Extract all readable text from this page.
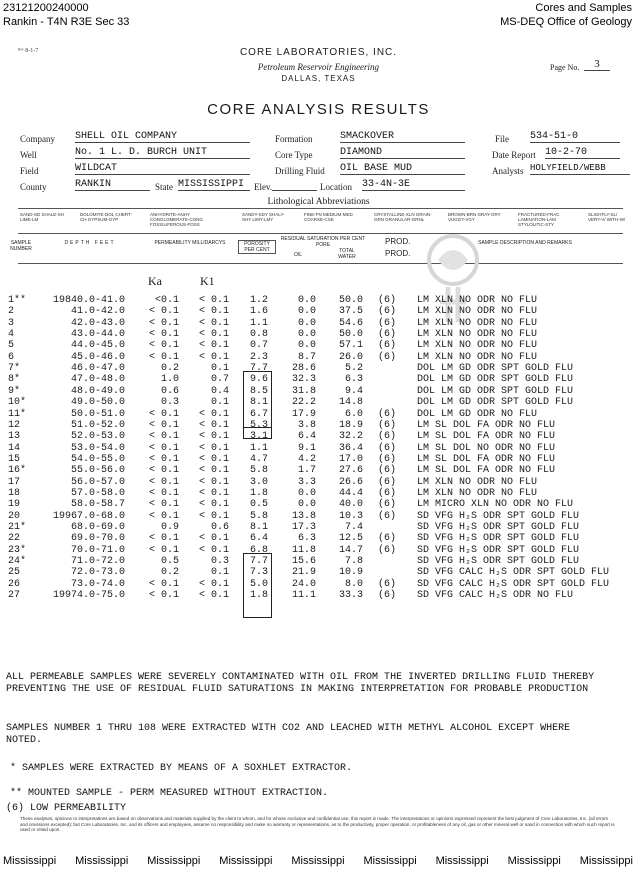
23121200240000
Rankin - T4N R3E Sec 33
Cores and Samples
MS-DEQ Office of Geology
ᴿᵉᵛ 8-1-7	CORE LABORATORIES, INC.
Petroleum Reservoir Engineering
DALLAS, TEXAS
Page No.	3
CORE ANALYSIS RESULTS
Company SHELL OIL COMPANY
Well	No. 1 L. D. BURCH UNIT
Field	WILDCAT
County	RANKIN	State MISSISSIPPI	Elev.
Formation	SMACKOVER
Core Type	DIAMOND
Drilling Fluid OIL BASE MUD
Location 33-4N-3E
File 534-51-0
Date Report 10-2-70
Analysts HOLYFIELD/WEBB
Lithological Abbreviations
SAND-SD SHALE-SH LIME-LM
DOLOMITE-DOL CHERT-CH GYPSUM-GYP
ANHYDRITE-ANHY CONGLOMERATE-CONG FOSSILIFEROUS-FOSS
SANDY-SDY SHALY-SHY LIMY-LMY
FINE-FN MEDIUM-MED COARSE-CSE
CRYSTALLINE-XLN GRAIN-GRN GRANULAR-GRNL
BROWN-BRN GRAY-GRY VUGGY-VGY
FRACTURED-FRAC LAMINATION-LAM STYLOLITIC-STY
SLIGHTLY-SL/ VERY-V/ WITH-W/
SAMPLE NUMBER
DEPTH FEET	PERMEABILITY MILLIDARCYS	POROSITY PER CENT
RESIDUAL SATURATION PER CENT PORE
OIL
TOTAL WATER
PROD.
PROD.
SAMPLE DESCRIPTION AND REMARKS
Ka	K1
1**	19840.0-41.0	<0.1	< 0.1	1.2	0.0	50.0 (6)	LM XLN NO ODR NO FLU
2	41.0-42.0	< 0.1	< 0.1	1.6	0.0	37.5 (6)	LM XLN NO ODR NO FLU
3	42.0-43.0	< 0.1	< 0.1	1.1	0.0	54.6 (6)	LM XLN NO ODR NO FLU
4	43.0-44.0	< 0.1	< 0.1	0.8	0.0	50.0 (6)	LM XLN NO ODR NO FLU
5	44.0-45.0	< 0.1	< 0.1	0.7	0.0	57.1 (6)	LM XLN NO ODR NO FLU
6	45.0-46.0	< 0.1	< 0.1	2.3	8.7	26.0 (6)	LM XLN NO ODR NO FLU
7*	46.0-47.0	0.2	0.1	7.7	28.6	5.2	DOL LM GD ODR SPT GOLD FLU
8*	47.0-48.0	1.0	0.7	9.6	32.3	6.3	DOL LM GD ODR SPT GOLD FLU
9*	48.0-49.0	0.6	0.4	8.5	31.8	9.4	DOL LM GD ODR SPT GOLD FLU
10*	49.0-50.0	0.3	0.1	8.1	22.2	14.8	DOL LM GD ODR SPT GOLD FLU
11*	50.0-51.0	< 0.1	< 0.1	6.7	17.9	6.0 (6)	DOL LM GD ODR NO FLU
12	51.0-52.0	< 0.1	< 0.1	5.3	3.8	18.9 (6)	LM SL DOL FA ODR NO FLU
13	52.0-53.0	< 0.1	< 0.1	3.1	6.4	32.2 (6)	LM SL DOL FA ODR NO FLU
14	53.0-54.0	< 0.1	< 0.1	1.1	9.1	36.4 (6)	LM SL DOL NO ODR NO FLU
15	54.0-55.0	< 0.1	< 0.1	4.7	4.2	17.0 (6)	LM SL DOL FA ODR NO FLU
16*	55.0-56.0	< 0.1	< 0.1	5.8	1.7	27.6 (6)	LM SL DOL FA ODR NO FLU
17	56.0-57.0	< 0.1	< 0.1	3.0	3.3	26.6 (6)	LM XLN NO ODR NO FLU
18	57.0-58.0	< 0.1	< 0.1	1.8	0.0	44.4 (6)	LM XLN NO ODR NO FLU
19	58.0-58.7	< 0.1	< 0.1	0.5	0.0	40.0 (6)	LM MICRO XLN NO ODR NO FLU
20	19967.0-68.0	< 0.1	< 0.1	5.8	13.8	10.3 (6)	SD VFG H₂S ODR SPT GOLD FLU
21*	68.0-69.0	0.9	0.6	8.1	17.3	7.4	SD VFG H₂S ODR SPT GOLD FLU
22	69.0-70.0	< 0.1	< 0.1	6.4	6.3	12.5 (6)	SD VFG H₂S ODR SPT GOLD FLU
23*	70.0-71.0	< 0.1	< 0.1	6.8	11.8	14.7 (6)	SD VFG H₂S ODR SPT GOLD FLU
24*	71.0-72.0	0.5	0.3	7.7	15.6	7.8	SD VFG H₂S ODR SPT GOLD FLU
25	72.0-73.0	0.2	0.1	7.3	21.9	10.9	SD VFG CALC H₂S ODR SPT GOLD FLU
26	73.0-74.0	< 0.1	< 0.1	5.0	24.0	8.0 (6)	SD VFG CALC H₂S ODR SPT GOLD FLU
27	19974.0-75.0	< 0.1	< 0.1	1.8	11.1	33.3 (6)	SD VFG CALC H₂S ODR NO FLU
ALL PERMEABLE SAMPLES WERE SEVERELY CONTAMINATED WITH OIL FROM THE INVERTED DRILLING FLUID THEREBY PREVENTING THE USE OF RESIDUAL FLUID SATURATIONS IN MAKING INTERPRETATION FOR PROBABLE PRODUCTION
SAMPLES NUMBER 1 THRU 108 WERE EXTRACTED WITH CO2 AND LEACHED WITH METHYL ALCOHOL EXCEPT WHERE NOTED.
* SAMPLES WERE EXTRACTED BY MEANS OF A SOXHLET EXTRACTOR.
** MOUNTED SAMPLE - PERM MEASURED WITHOUT EXTRACTION.
(6) LOW PERMEABILITY
These analyses, opinions or interpretations are based on observations and materials supplied by the client to whom, and for whose exclusive and confidential use, this report is made. The interpretations or opinions expressed represent the best judgment of Core Laboratories, Inc. (all errors and omissions excepted); but Core Laboratories, Inc. and its officers and employees, assume no responsibility and make no warranty or representations, as to the productivity, proper operation, or profitableness of any oil, gas or other mineral well or sand in connection with which such report is used or relied upon.
Mississippi Mississippi Mississippi Mississippi Mississippi Mississippi Mississippi Mississippi Mississippi
